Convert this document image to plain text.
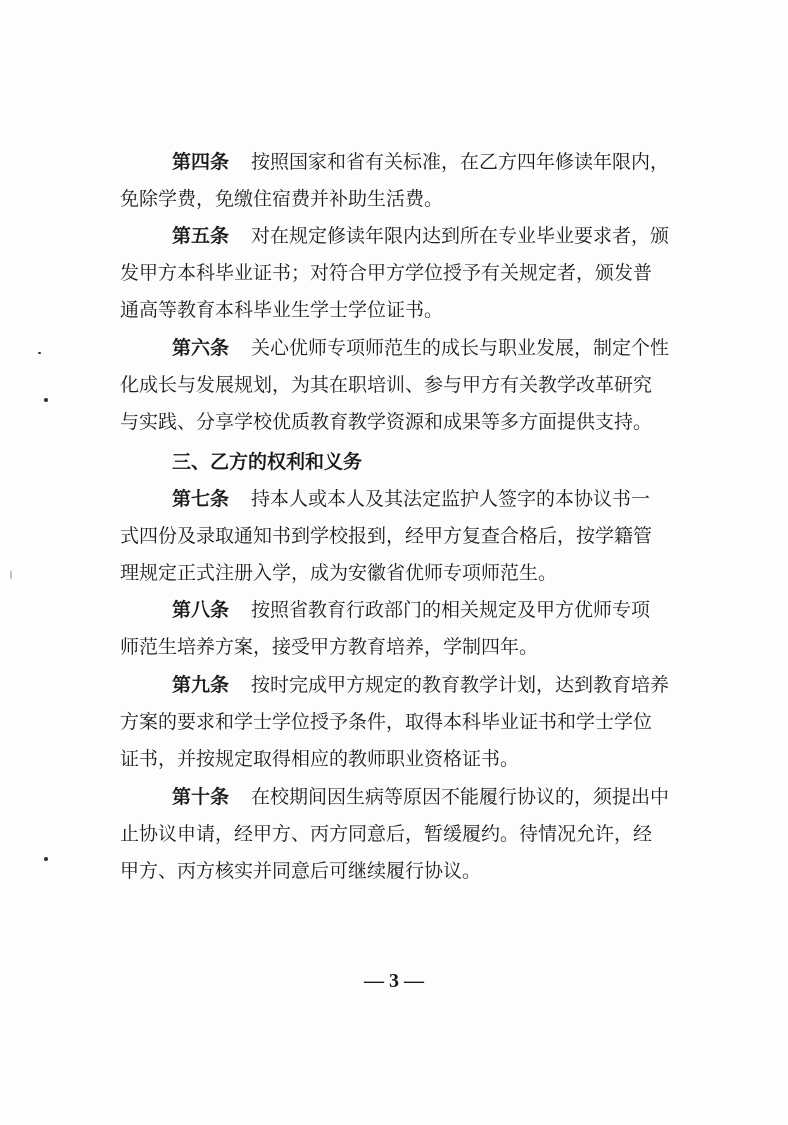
第四条 按照国家和省有关标准，在乙方四年修读年限内，
免除学费，免缴住宿费并补助生活费。
第五条 对在规定修读年限内达到所在专业毕业要求者，颁
发甲方本科毕业证书；对符合甲方学位授予有关规定者，颁发普
通高等教育本科毕业生学士学位证书。
第六条 关心优师专项师范生的成长与职业发展，制定个性
化成长与发展规划，为其在职培训、参与甲方有关教学改革研究
与实践、分享学校优质教育教学资源和成果等多方面提供支持。
三、乙方的权利和义务
第七条 持本人或本人及其法定监护人签字的本协议书一
式四份及录取通知书到学校报到，经甲方复查合格后，按学籍管
理规定正式注册入学，成为安徽省优师专项师范生。
第八条 按照省教育行政部门的相关规定及甲方优师专项
师范生培养方案，接受甲方教育培养，学制四年。
第九条 按时完成甲方规定的教育教学计划，达到教育培养
方案的要求和学士学位授予条件，取得本科毕业证书和学士学位
证书，并按规定取得相应的教师职业资格证书。
第十条 在校期间因生病等原因不能履行协议的，须提出中
止协议申请，经甲方、丙方同意后，暂缓履约。待情况允许，经
甲方、丙方核实并同意后可继续履行协议。
— 3 —
